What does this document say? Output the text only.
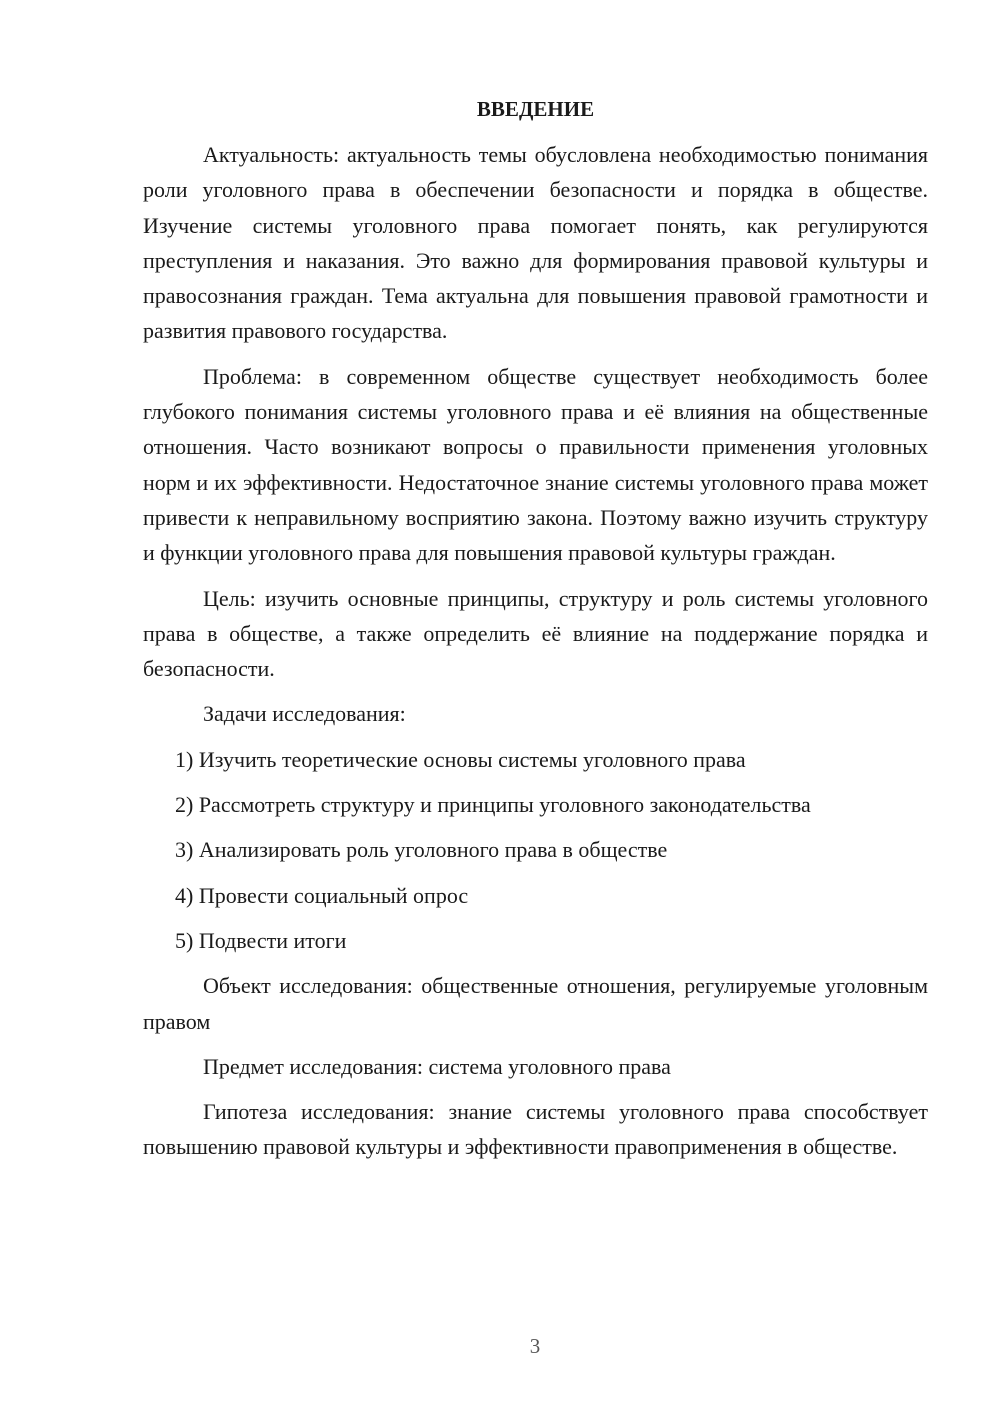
ВВЕДЕНИЕ

Актуальность: актуальность темы обусловлена необходимостью понимания роли уголовного права в обеспечении безопасности и порядка в обществе. Изучение системы уголовного права помогает понять, как регулируются преступления и наказания. Это важно для формирования правовой культуры и правосознания граждан. Тема актуальна для повышения правовой грамотности и развития правового государства.

Проблема: в современном обществе существует необходимость более глубокого понимания системы уголовного права и её влияния на общественные отношения. Часто возникают вопросы о правильности применения уголовных норм и их эффективности. Недостаточное знание системы уголовного права может привести к неправильному восприятию закона. Поэтому важно изучить структуру и функции уголовного права для повышения правовой культуры граждан.

Цель: изучить основные принципы, структуру и роль системы уголовного права в обществе, а также определить её влияние на поддержание порядка и безопасности.

Задачи исследования:

1) Изучить теоретические основы системы уголовного права
2) Рассмотреть структуру и принципы уголовного законодательства
3) Анализировать роль уголовного права в обществе
4) Провести социальный опрос
5) Подвести итоги

Объект исследования: общественные отношения, регулируемые уголовным правом

Предмет исследования: система уголовного права

Гипотеза исследования: знание системы уголовного права способствует повышению правовой культуры и эффективности правоприменения в обществе.

3
